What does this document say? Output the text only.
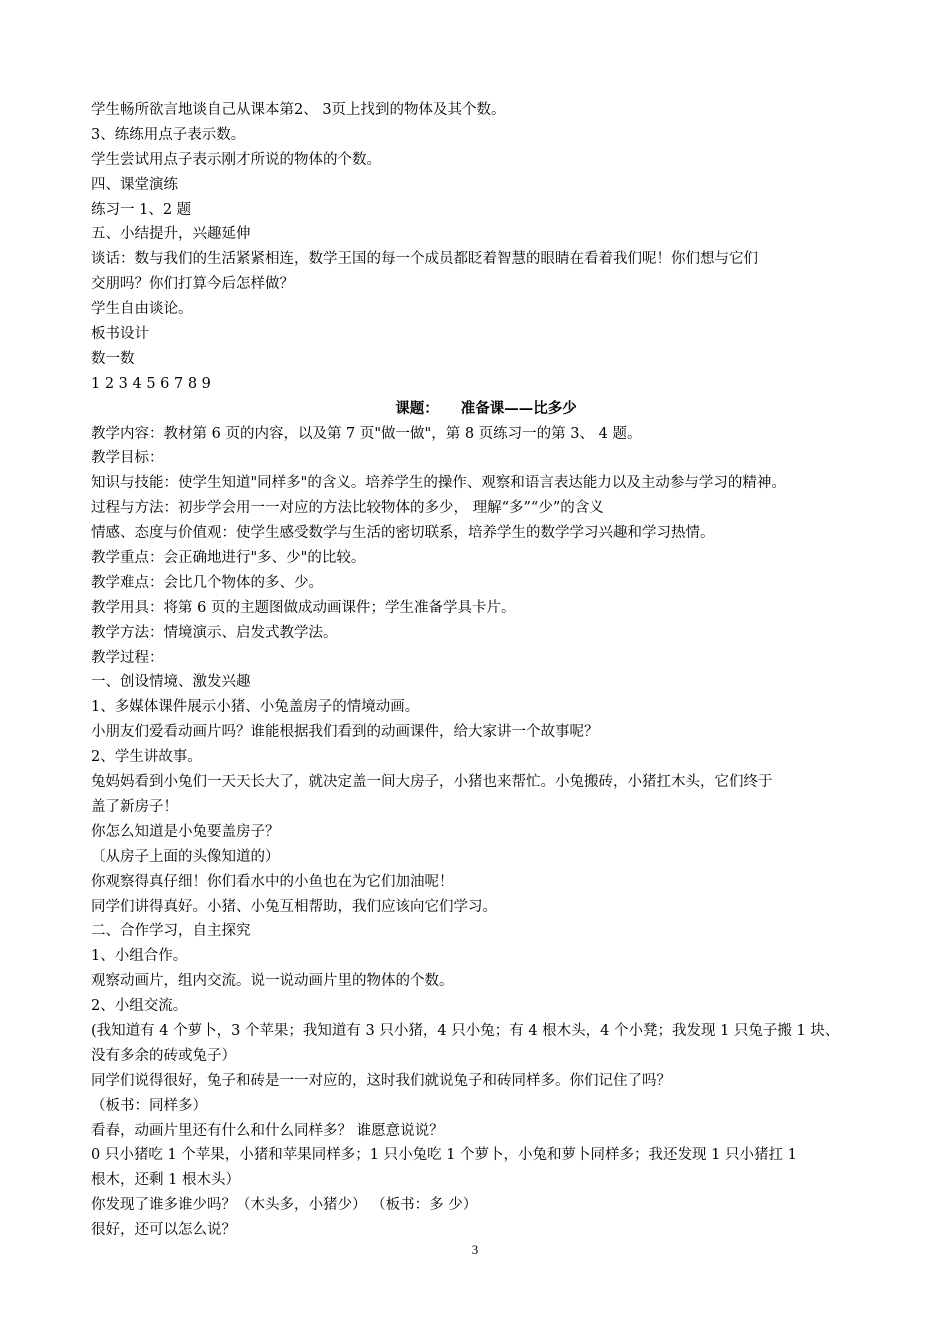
学生畅所欲言地谈自己从课本第2、 3页上找到的物体及其个数。
3、练练用点子表示数。
学生尝试用点子表示刚才所说的物体的个数。
四、课堂演练
练习一 1、2 题
五、小结提升，兴趣延伸
谈话：数与我们的生活紧紧相连，数学王国的每一个成员都眨着智慧的眼睛在看着我们呢！你们想与它们
交朋吗？你们打算今后怎样做？
学生自由谈论。
板书设计
数一数
1 2 3 4 5 6 7 8 9
课题： 准备课——比多少
教学内容：教材第 6 页的内容，以及第 7 页"做一做"，第 8 页练习一的第 3、 4 题。
教学目标：
知识与技能：使学生知道"同样多"的含义。培养学生的操作、观察和语言表达能力以及主动参与学习的精神。
过程与方法：初步学会用一一对应的方法比较物体的多少， 理解“多”“少”的含义
情感、态度与价值观：使学生感受数学与生活的密切联系，培养学生的数学学习兴趣和学习热情。
教学重点：会正确地进行"多、少"的比较。
教学难点：会比几个物体的多、少。
教学用具：将第 6 页的主题图做成动画课件；学生准备学具卡片。
教学方法：情境演示、启发式教学法。
教学过程：
一、创设情境、激发兴趣
1、多媒体课件展示小猪、小兔盖房子的情境动画。
小朋友们爱看动画片吗？谁能根据我们看到的动画课件，给大家讲一个故事呢？
2、学生讲故事。
兔妈妈看到小兔们一天天长大了，就决定盖一间大房子，小猪也来帮忙。小兔搬砖，小猪扛木头，它们终于
盖了新房子！
你怎么知道是小兔要盖房子？
〔从房子上面的头像知道的）
你观察得真仔细！你们看水中的小鱼也在为它们加油呢！
同学们讲得真好。小猪、小兔互相帮助，我们应该向它们学习。
二、合作学习，自主探究
1、小组合作。
观察动画片，组内交流。说一说动画片里的物体的个数。
2、小组交流。
(我知道有 4 个萝卜，3 个苹果；我知道有 3 只小猪，4 只小兔；有 4 根木头，4 个小凳；我发现 1 只兔子搬 1 块、
没有多余的砖或兔子）
同学们说得很好，兔子和砖是一一对应的，这时我们就说兔子和砖同样多。你们记住了吗？
（板书：同样多）
看春，动画片里还有什么和什么同样多？ 谁愿意说说？
0 只小猪吃 1 个苹果，小猪和苹果同样多；1 只小兔吃 1 个萝卜，小兔和萝卜同样多；我还发现 1 只小猪扛 1
根木，还剩 1 根木头）
你发现了谁多谁少吗？（木头多，小猪少） （板书：多 少）
很好，还可以怎么说？
3
